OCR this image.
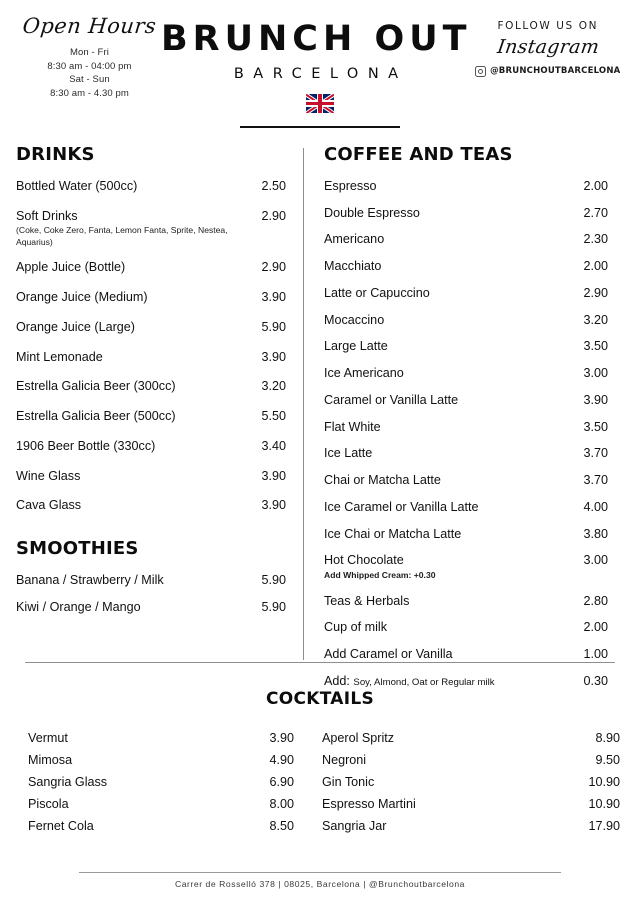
Open Hours
Mon - Fri
8:30 am - 04:00 pm
Sat - Sun
8:30 am - 4.30 pm
BRUNCH OUT
BARCELONA
FOLLOW US ON
Instagram
@BRUNCHOUTBARCELONA
DRINKS
Bottled Water (500cc)	2.50
Soft Drinks	2.90
(Coke, Coke Zero, Fanta, Lemon Fanta, Sprite, Nestea, Aquarius)
Apple Juice (Bottle)	2.90
Orange Juice (Medium)	3.90
Orange Juice (Large)	5.90
Mint Lemonade	3.90
Estrella Galicia Beer (300cc)	3.20
Estrella Galicia Beer (500cc)	5.50
1906 Beer Bottle (330cc)	3.40
Wine Glass	3.90
Cava Glass	3.90
SMOOTHIES
Banana / Strawberry / Milk	5.90
Kiwi / Orange / Mango	5.90
COFFEE AND TEAS
Espresso	2.00
Double Espresso	2.70
Americano	2.30
Macchiato	2.00
Latte or Capuccino	2.90
Mocaccino	3.20
Large Latte	3.50
Ice Americano	3.00
Caramel or Vanilla Latte	3.90
Flat White	3.50
Ice Latte	3.70
Chai or Matcha Latte	3.70
Ice Caramel or Vanilla Latte	4.00
Ice Chai or Matcha Latte	3.80
Hot Chocolate	3.00
Add Whipped Cream: +0.30
Teas & Herbals	2.80
Cup of milk	2.00
Add Caramel or Vanilla	1.00
Add: Soy, Almond, Oat or Regular milk	0.30
COCKTAILS
Vermut	3.90
Mimosa	4.90
Sangria Glass	6.90
Piscola	8.00
Fernet Cola	8.50
Aperol Spritz	8.90
Negroni	9.50
Gin Tonic	10.90
Espresso Martini	10.90
Sangria Jar	17.90
Carrer de Rosselló 378 | 08025, Barcelona | @Brunchoutbarcelona
